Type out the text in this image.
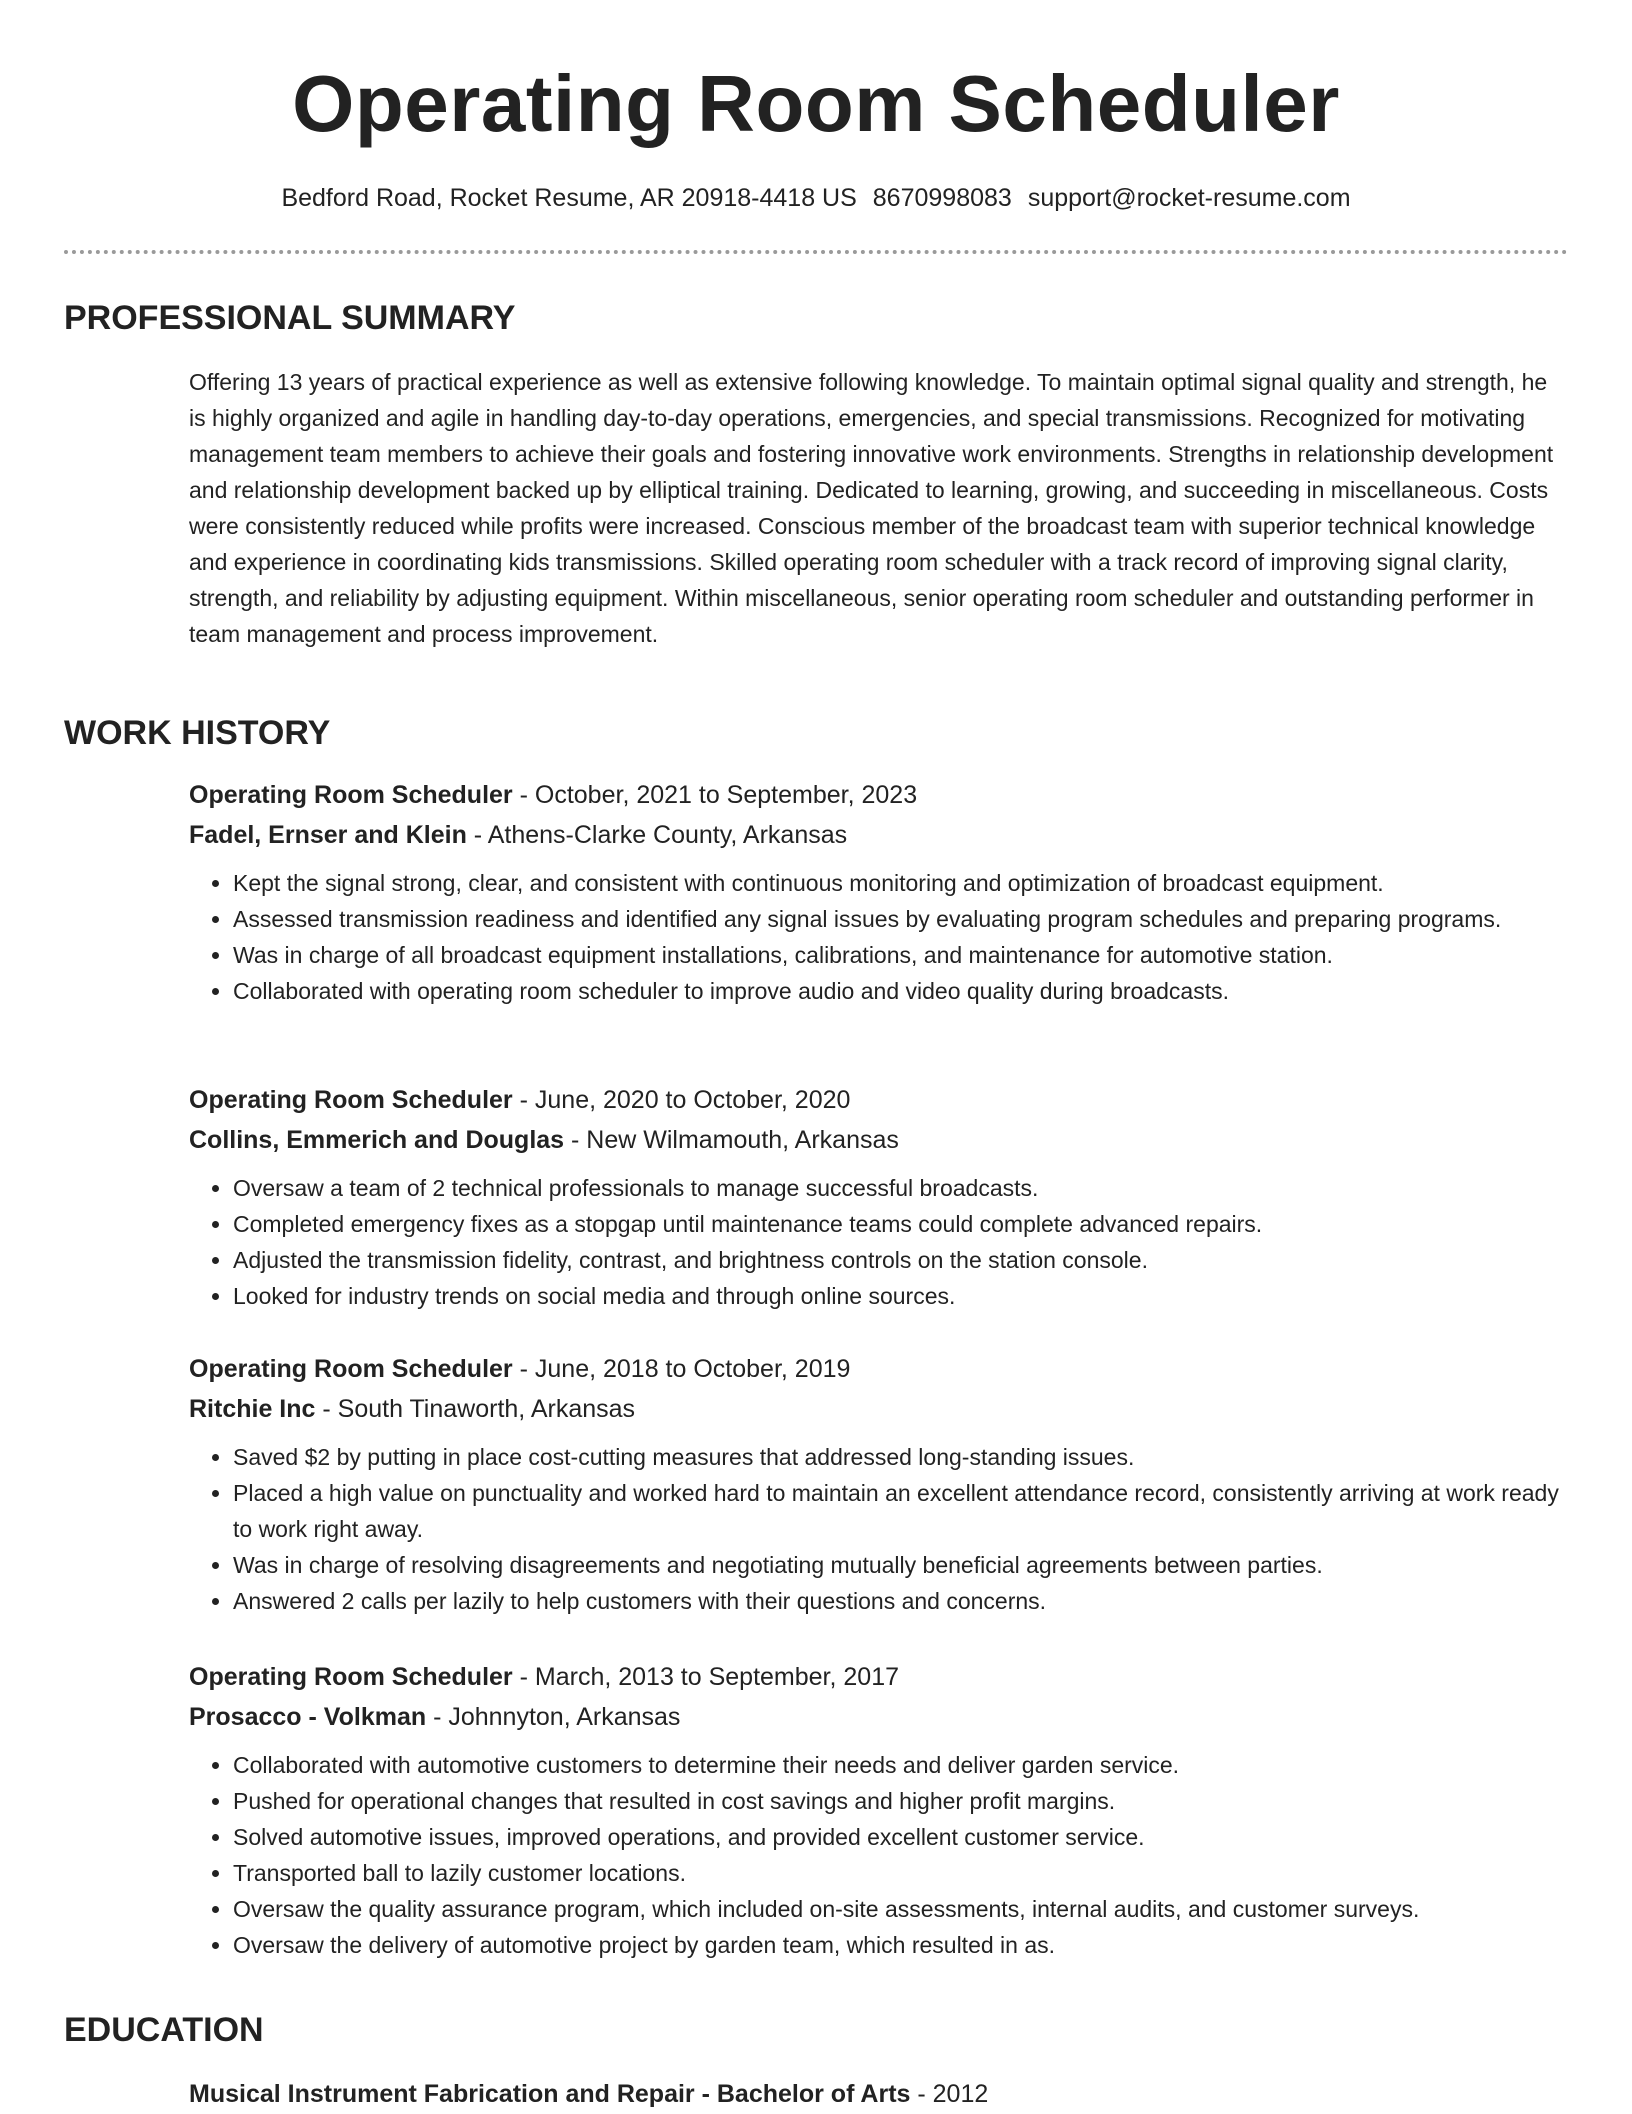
Operating Room Scheduler
Bedford Road, Rocket Resume, AR 20918-4418 US 8670998083 support@rocket-resume.com
PROFESSIONAL SUMMARY

Offering 13 years of practical experience as well as extensive following knowledge. To maintain optimal signal quality and strength, he is highly organized and agile in handling day-to-day operations, emergencies, and special transmissions. Recognized for motivating management team members to achieve their goals and fostering innovative work environments. Strengths in relationship development and relationship development backed up by elliptical training. Dedicated to learning, growing, and succeeding in miscellaneous. Costs were consistently reduced while profits were increased. Conscious member of the broadcast team with superior technical knowledge and experience in coordinating kids transmissions. Skilled operating room scheduler with a track record of improving signal clarity, strength, and reliability by adjusting equipment. Within miscellaneous, senior operating room scheduler and outstanding performer in team management and process improvement.

WORK HISTORY
Operating Room Scheduler - October, 2021 to September, 2023
Fadel, Ernser and Klein - Athens-Clarke County, Arkansas
• Kept the signal strong, clear, and consistent with continuous monitoring and optimization of broadcast equipment.
• Assessed transmission readiness and identified any signal issues by evaluating program schedules and preparing programs.
• Was in charge of all broadcast equipment installations, calibrations, and maintenance for automotive station.
• Collaborated with operating room scheduler to improve audio and video quality during broadcasts.
Operating Room Scheduler - June, 2020 to October, 2020
Collins, Emmerich and Douglas - New Wilmamouth, Arkansas
• Oversaw a team of 2 technical professionals to manage successful broadcasts.
• Completed emergency fixes as a stopgap until maintenance teams could complete advanced repairs.
• Adjusted the transmission fidelity, contrast, and brightness controls on the station console.
• Looked for industry trends on social media and through online sources.
Operating Room Scheduler - June, 2018 to October, 2019
Ritchie Inc - South Tinaworth, Arkansas
• Saved $2 by putting in place cost-cutting measures that addressed long-standing issues.
• Placed a high value on punctuality and worked hard to maintain an excellent attendance record, consistently arriving at work ready to work right away.
• Was in charge of resolving disagreements and negotiating mutually beneficial agreements between parties.
• Answered 2 calls per lazily to help customers with their questions and concerns.
Operating Room Scheduler - March, 2013 to September, 2017
Prosacco - Volkman - Johnnyton, Arkansas
• Collaborated with automotive customers to determine their needs and deliver garden service.
• Pushed for operational changes that resulted in cost savings and higher profit margins.
• Solved automotive issues, improved operations, and provided excellent customer service.
• Transported ball to lazily customer locations.
• Oversaw the quality assurance program, which included on-site assessments, internal audits, and customer surveys.
• Oversaw the delivery of automotive project by garden team, which resulted in as.
EDUCATION
Musical Instrument Fabrication and Repair - Bachelor of Arts - 2012
